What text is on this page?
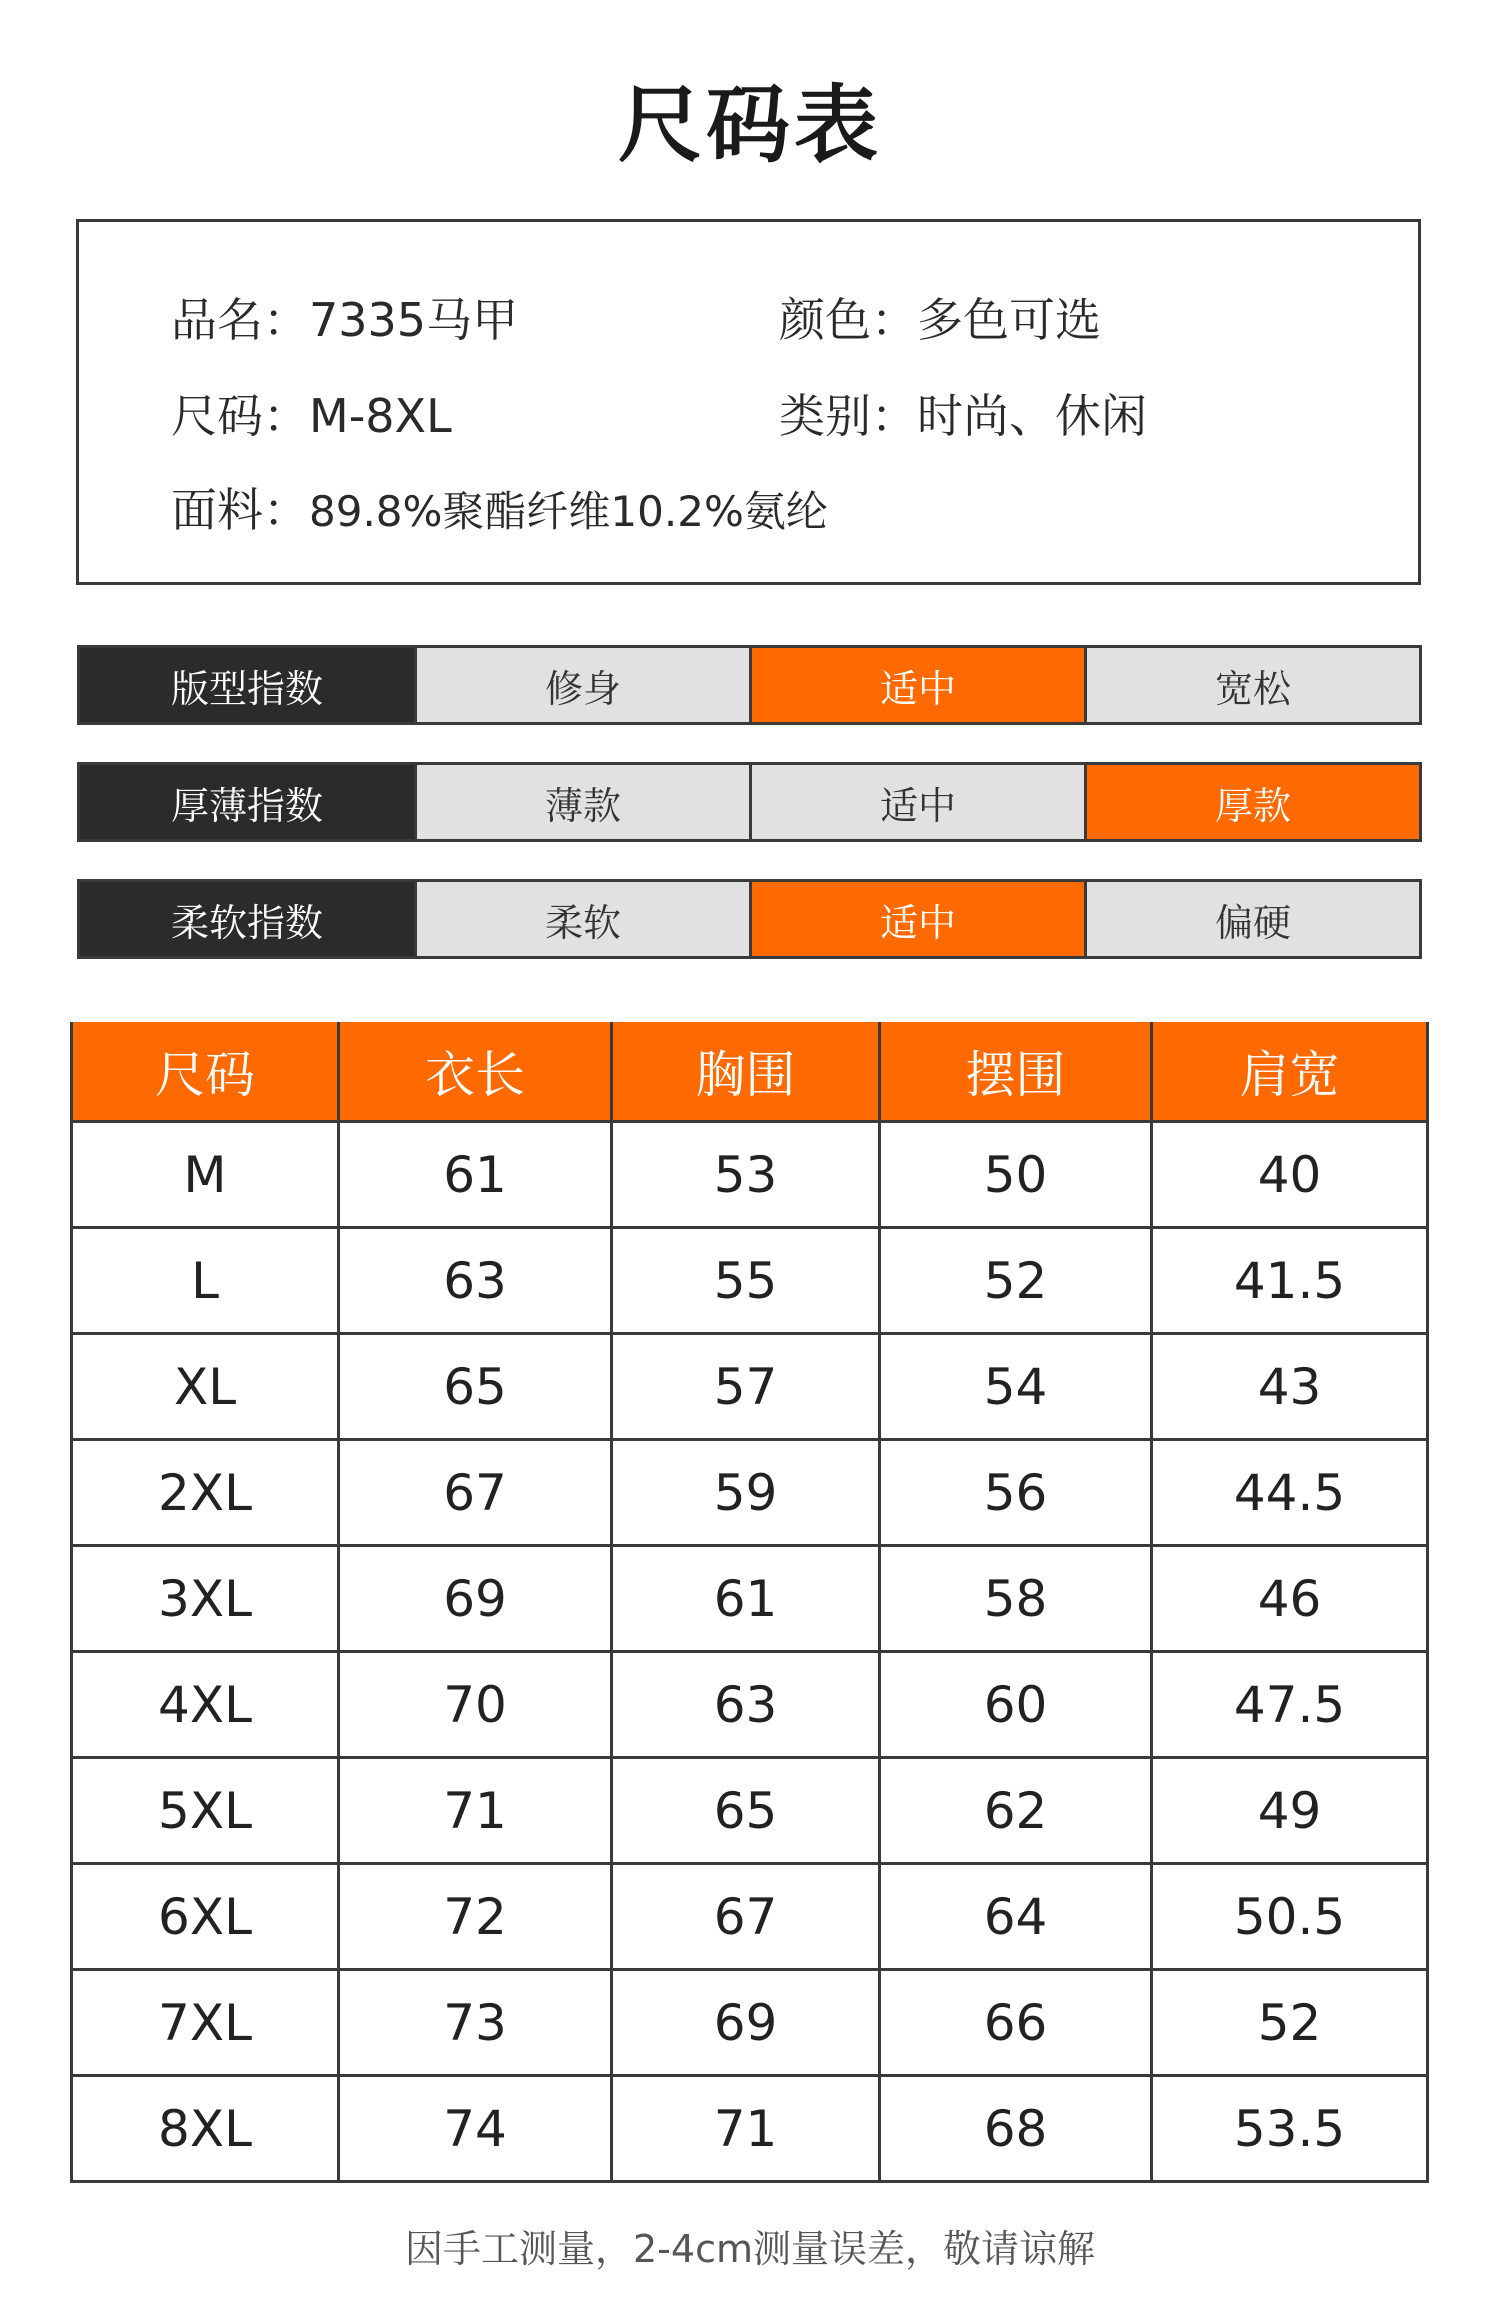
尺码表
品名：7335马甲	颜色：多色可选
尺码：M-8XL	类别：时尚、休闲
面料：89.8%聚酯纤维10.2%氨纶
版型指数	修身	适中	宽松
厚薄指数	薄款	适中	厚款
柔软指数	柔软	适中	偏硬
尺码	衣长	胸围	摆围	肩宽
M	61	53	50	40
L	63	55	52	41.5
XL	65	57	54	43
2XL	67	59	56	44.5
3XL	69	61	58	46
4XL	70	63	60	47.5
5XL	71	65	62	49
6XL	72	67	64	50.5
7XL	73	69	66	52
8XL	74	71	68	53.5
因手工测量，2-4cm测量误差，敬请谅解
